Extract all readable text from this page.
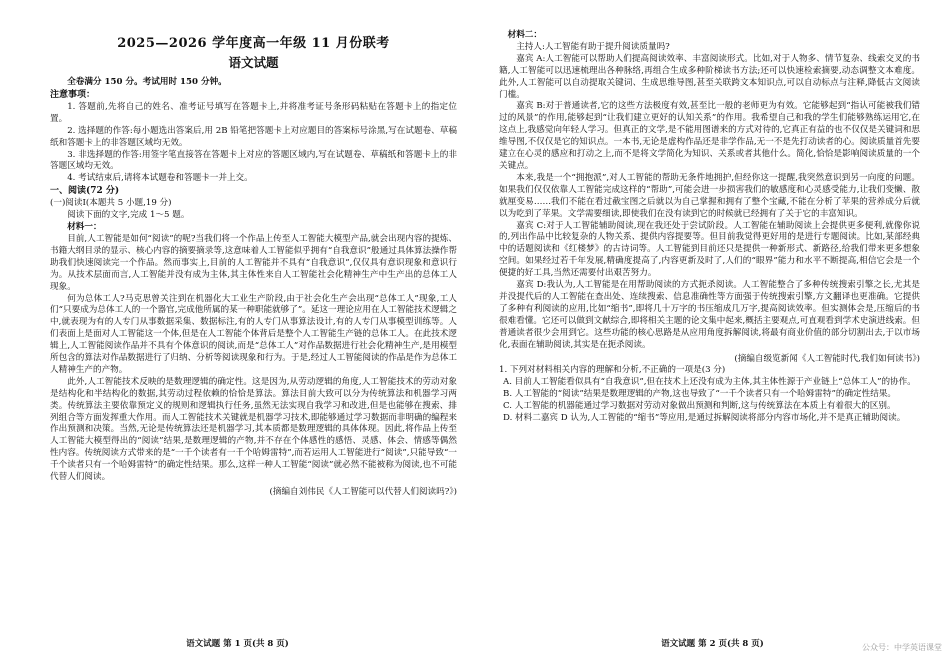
2025—2026 学年度高一年级 11 月份联考
语文试题
全卷满分 150 分。考试用时 150 分钟。
注意事项：
1. 答题前,先将自己的姓名、准考证号填写在答题卡上,并将准考证号条形码粘贴在答题卡上的指定位置。
2. 选择题的作答:每小题选出答案后,用 2B 铅笔把答题卡上对应题目的答案标号涂黑,写在试题卷、草稿纸和答题卡上的非答题区域均无效。
3. 非选择题的作答:用签字笔直接答在答题卡上对应的答题区域内,写在试题卷、草稿纸和答题卡上的非答题区域均无效。
4. 考试结束后,请将本试题卷和答题卡一并上交。
一、阅读(72 分)
(一)阅读Ⅰ(本题共 5 小题,19 分)
阅读下面的文字,完成 1～5 题。
材料一：
目前,人工智能是如何“阅读”的呢?当我们将一个作品上传至人工智能大模型产品,就会出现内容的提炼、书籍大纲目录的显示、核心内容的摘要摘录等,这意味着人工智能似乎拥有“自我意识”般通过具体算法操作帮助我们快速阅读完一个作品。然而事实上,目前的人工智能并不具有“自我意识”,仅仅具有意识现象和意识行为。从技术层面而言,人工智能并没有成为主体,其主体性来自人工智能社会化精神生产中生产出的总体工人现象。
何为总体工人?马克思曾关注到在机器化大工业生产阶段,由于社会化生产会出现“总体工人”现象,工人们“只要成为总体工人的一个器官,完成他所属的某一种职能就够了”。延这一理论应用在人工智能技术逻辑之中,就表现为有的人专门从事数据采集、数据标注,有的人专门从事算法设计,有的人专门从事模型训练等。人们表面上是面对人工智能这一个体,但是在人工智能个体背后是整个人工智能生产链的总体工人。在此技术逻辑上,人工智能阅读作品并不具有个体意识的阅读,而是“总体工人”对作品数据进行社会化精神生产,是用模型所包含的算法对作品数据进行了归纳、分析等阅读现象和行为。于是,经过人工智能阅读的作品是作为总体工人精神生产的产物。
此外,人工智能技术反映的是数理逻辑的确定性。这是因为,从劳动逻辑的角度,人工智能技术的劳动对象是结构化和半结构化的数据,其劳动过程依赖的恰恰是算法。算法目前大致可以分为传统算法和机器学习两类。传统算法主要依靠预定义的规则和逻辑执行任务,虽然无法实现自我学习和改进,但是也能够在搜索、排列组合等方面发挥重大作用。而人工智能技术关键就是机器学习技术,即能够通过学习数据而非明确的编程来作出预测和决策。当然,无论是传统算法还是机器学习,其本质都是数理逻辑的具体体现。因此,将作品上传至人工智能大模型得出的“阅读”结果,是数理逻辑的产物,并不存在个体感性的感悟、灵感、体会、情感等偶然性内容。传统阅读方式带来的是“一千个读者有一千个哈姆雷特”,而若运用人工智能进行“阅读”,只能导致“一千个读者只有一个哈姆雷特”的确定性结果。那么,这样一种人工智能“阅读”就必然不能被称为阅读,也不可能代替人们阅读。
(摘编自刘伟民《人工智能可以代替人们阅读吗?》)
语文试题 第 1 页(共 8 页)
材料二：
主持人:人工智能有助于提升阅读质量吗?
嘉宾 A:人工智能可以帮助人们提高阅读效率、丰富阅读形式。比如,对于人物多、情节复杂、线索交叉的书籍,人工智能可以迅速梳理出各种脉络,再组合生成多种阶梯读书方法;还可以快速检索摘要,动态调整文本难度。此外,人工智能可以自动提取关键词、生成思维导图,甚至关联跨文本知识点,可以自动标点与注释,降低古文阅读门槛。
嘉宾 B:对于普通读者,它的这些方法极度有效,甚至比一般的老师更为有效。它能够起到“指认可能被我们错过的风景”的作用,能够起到“让我们建立更好的认知关系”的作用。我希望自己和我的学生们能够熟练运用它,在这点上,我感觉向年轻人学习。但真正的文学,是不能用图谱来的方式对待的,它真正有益的也不仅仅是关键词和思维导图,不仅仅是它的知识点。一本书,无论是虚构作品还是非学作品,无一不是先打动读者的心。阅读质量首先要建立在心灵的感应和打动之上,而不是将文学简化为知识、关系或者其他什么。简化,恰恰是影响阅读质量的一个关键点。
本来,我是一个“拥抱派”,对人工智能的帮助无条件地拥护,但经你这一提醒,我突然意识到另一向度的问题。如果我们仅仅依靠人工智能完成这样的“帮助”,可能会进一步损害我们的敏感度和心灵感受能力,让我们变懒、散就厘变易……我们不能在看过截宝图之后就以为自己掌握和拥有了整个宝藏,不能在分析了苹果的营养成分后就以为吃到了苹果。文学需要细读,即使我们在没有读到它的时候就已经拥有了关于它的丰富知识。
嘉宾 C:对于人工智能辅助阅读,现在我还处于尝试阶段。人工智能在辅助阅读上会提供更多便利,就像你说的,列出作品中比较复杂的人物关系、提供内容提要等。但目前我觉得更好用的是进行专题阅读。比如,某部经典中的话题阅读和《红楼梦》的古诗词等。人工智能到目前还只是提供一种新形式、新路径,给我们带来更多想象空间。如果经过若千年发展,精确度提高了,内容更新及时了,人们的“眼界”能力和水平不断提高,相信它会是一个便捷的好工具,当然还需要付出艰苦努力。
嘉宾 D:我认为,人工智能是在用帮助阅读的方式扼杀阅读。人工智能整合了多种传统搜索引擎之长,尤其是并没提代后的人工智能在查出处、连续搜索、信息准确性等方面强于传统搜索引擎,方文翻译也更准确。它提供了多种有利阅读的应用,比如“缩书”,即将几十万字的书压缩成几万字,提高阅读效率。但实测体会是,压缩后的书很难看懂。它还可以做到文献综合,即将相关主题的论文集中起来,概括主要观点,可直观看到学术史演进线索。但普通读者很少会用到它。这些功能的核心思路是从应用角度拆解阅读,将最有商业价值的部分切割出去,于以市场化,表面在辅助阅读,其实是在扼杀阅读。
(摘编自级览新闻《人工智能时代,我们如何读书》)
1. 下列对材料相关内容的理解和分析,不正确的一项是(3 分)
A. 目前人工智能看似具有“自我意识”,但在技术上还没有成为主体,其主体性源于产业链上“总体工人”的协作。
B. 人工智能的“阅读”结果是数理逻辑的产物,这也导致了“一千个读者只有一个哈姆雷特”的确定性结果。
C. 人工智能的机器能通过学习数据对劳动对象做出预测和判断,这与传统算法在本质上有着很大的区别。
D. 材料二嘉宾 D 认为,人工智能的“缩书”等应用,是通过拆解阅读将部分内容市场化,并不是真正辅助阅读。
语文试题 第 2 页(共 8 页)	公众号：中学英语课堂
